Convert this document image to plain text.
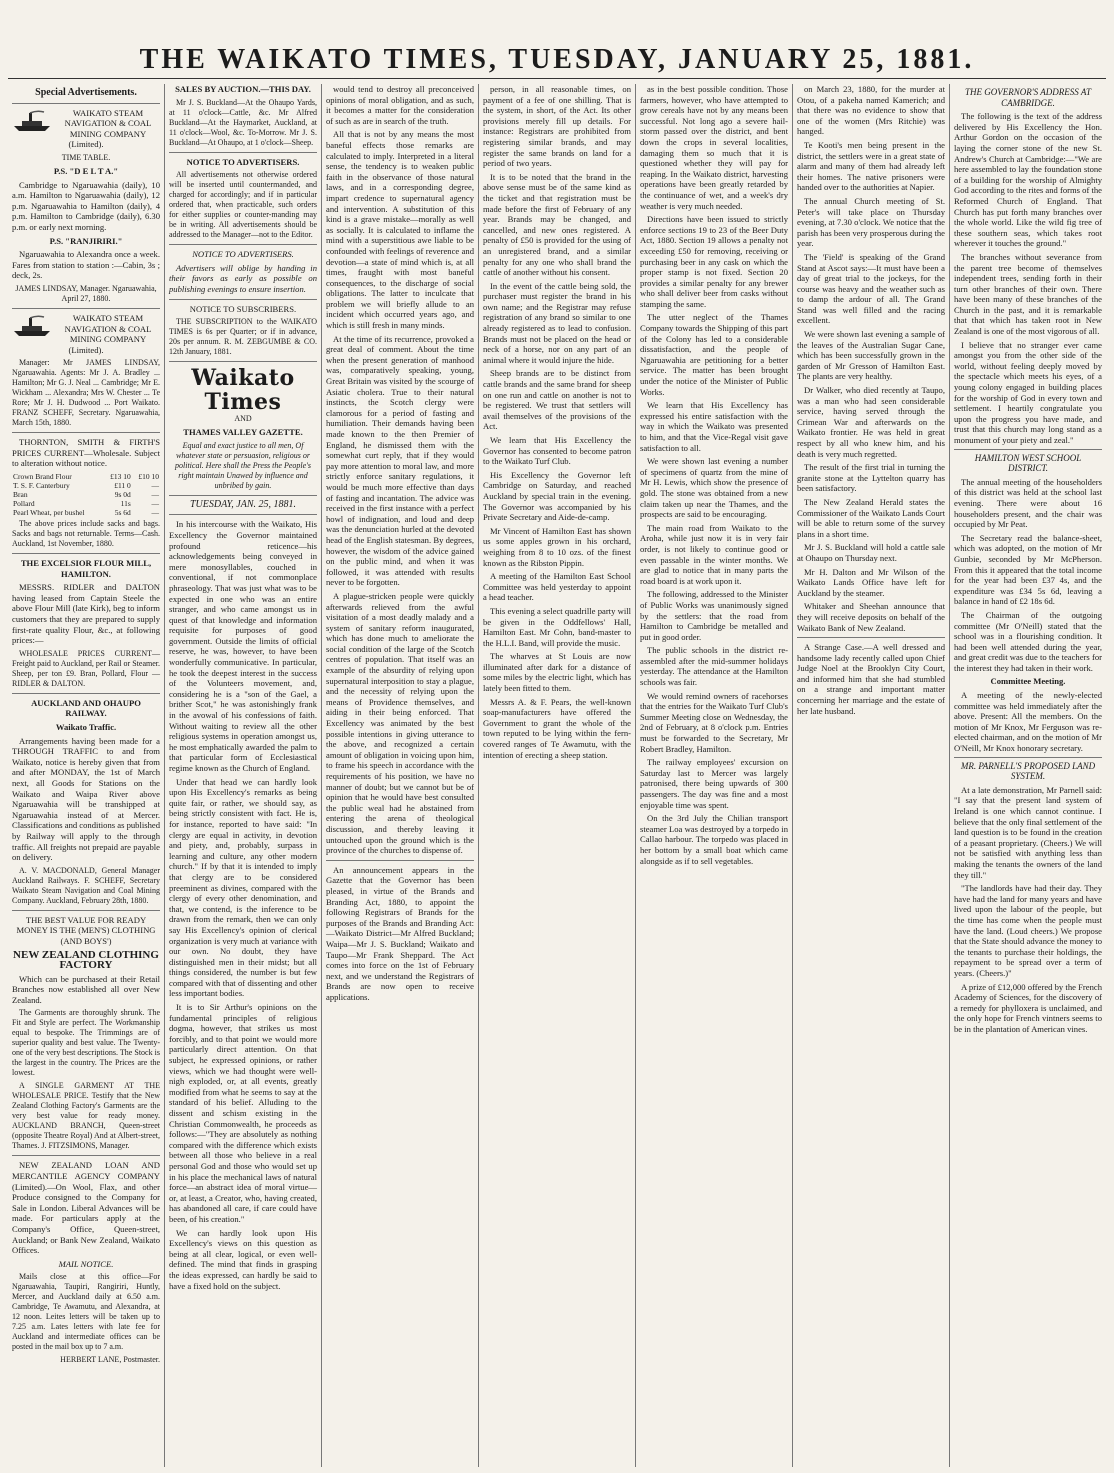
THE WAIKATO TIMES, TUESDAY, JANUARY 25, 1881.
Special Advertisements.

WAIKATO STEAM NAVIGATION & COAL MINING COMPANY (Limited).

TIME TABLE.

P.S. "D E L T A."

Cambridge to Ngaruawahia (daily), 10 a.m. Hamilton to Ngaruawahia (daily), 12 p.m. Ngaruawahia to Hamilton (daily), 4 p.m. Hamilton to Cambridge (daily), 6.30 p.m. or early next morning.

P.S. "RANJIRIRI."

Ngaruawahia to Alexandra once a week. Fares from station to station :—Cabin, 3s ; deck, 2s.

JAMES LINDSAY, Manager. Ngaruawahia, April 27, 1880.

WAIKATO STEAM NAVIGATION & COAL MINING COMPANY (Limited).

Manager: Mr JAMES LINDSAY, Ngaruawahia. Agents: Mr J. A. Bradley ... Hamilton; Mr G. J. Neal ... Cambridge; Mr E. Wickham ... Alexandra; Mrs W. Chester ... Te Rore; Mr J. H. Dudwood ... Port Waikato. FRANZ SCHEFF, Secretary. Ngaruawahia, March 15th, 1880.

THORNTON, SMITH & FIRTH'S PRICES CURRENT—Wholesale. Subject to alteration without notice.

Crown Brand Flour	£13 10	£10 10
T. S. F. Canterbury	£11 0	—
Bran	9s 0d	—
Pollard	11s	—
Pearl Wheat, per bushel	5s 6d	—

The above prices include sacks and bags. Sacks and bags not returnable. Terms—Cash. Auckland, 1st November, 1880.

THE EXCELSIOR FLOUR MILL, HAMILTON.

MESSRS. RIDLER and DALTON having leased from Captain Steele the above Flour Mill (late Kirk), beg to inform customers that they are prepared to supply first-rate quality Flour, &c., at following prices:—

WHOLESALE PRICES CURRENT—Freight paid to Auckland, per Rail or Steamer. Sheep, per ton £9. Bran, Pollard, Flour — RIDLER & DALTON.

AUCKLAND AND OHAUPO RAILWAY.

Waikato Traffic.

Arrangements having been made for a THROUGH TRAFFIC to and from Waikato, notice is hereby given that from and after MONDAY, the 1st of March next, all Goods for Stations on the Waikato and Waipa River above Ngaruawahia will be transhipped at Ngaruawahia instead of at Mercer. Classifications and conditions as published by Railway will apply to the through traffic. All freights not prepaid are payable on delivery.

A. V. MACDONALD, General Manager Auckland Railways. F. SCHEFF, Secretary Waikato Steam Navigation and Coal Mining Company. Auckland, February 28th, 1880.

THE BEST VALUE FOR READY MONEY IS THE (MEN'S) CLOTHING (AND BOYS')

NEW ZEALAND CLOTHING FACTORY

Which can be purchased at their Retail Branches now established all over New Zealand.

The Garments are thoroughly shrunk. The Fit and Style are perfect. The Workmanship equal to bespoke. The Trimmings are of superior quality and best value. The Twenty-one of the very best descriptions. The Stock is the largest in the country. The Prices are the lowest.

A SINGLE GARMENT AT THE WHOLESALE PRICE. Testify that the New Zealand Clothing Factory's Garments are the very best value for ready money. AUCKLAND BRANCH, Queen-street (opposite Theatre Royal) And at Albert-street, Thames. J. FITZSIMONS, Manager.

NEW ZEALAND LOAN AND MERCANTILE AGENCY COMPANY (Limited).—On Wool, Flax, and other Produce consigned to the Company for Sale in London. Liberal Advances will be made. For particulars apply at the Company's Office, Queen-street, Auckland; or Bank New Zealand, Waikato Offices.

MAIL NOTICE.

Mails close at this office—For Ngaruawahia, Taupiri, Rangiriri, Huntly, Mercer, and Auckland daily at 6.50 a.m. Cambridge, Te Awamutu, and Alexandra, at 12 noon. Leites letters will be taken up to 7.25 a.m. Lates letters with late fee for Auckland and intermediate offices can be posted in the mail box up to 7 a.m.

HERBERT LANE, Postmaster.

SALES BY AUCTION.—THIS DAY.

Mr J. S. Buckland—At the Ohaupo Yards, at 11 o'clock—Cattle, &c. Mr Alfred Buckland—At the Haymarket, Auckland, at 11 o'clock—Wool, &c. To-Morrow. Mr J. S. Buckland—At Ohaupo, at 1 o'clock—Sheep.

NOTICE TO ADVERTISERS.

All advertisements not otherwise ordered will be inserted until countermanded, and charged for accordingly; and if in particular ordered that, when practicable, such orders for either supplies or counter-manding may be in writing. All advertisements should be addressed to the Manager—not to the Editor.

NOTICE TO ADVERTISERS.

Advertisers will oblige by handing in their favors as early as possible on publishing evenings to ensure insertion.

NOTICE TO SUBSCRIBERS.

THE SUBSCRIPTION to the WAIKATO TIMES is 6s per Quarter; or if in advance, 20s per annum. R. M. ZEBGUMBE & CO. 12th January, 1881.

Waikato Times

AND

THAMES VALLEY GAZETTE.

Equal and exact justice to all men, Of whatever state or persuasion, religious or political. Here shall the Press the People's right maintain Unawed by influence and unbribed by gain.

TUESDAY, JAN. 25, 1881.

In his intercourse with the Waikato, His Excellency the Governor maintained profound reticence—his acknowledgements being conveyed in mere monosyllables, couched in conventional, if not commonplace phraseology. That was just what was to be expected in one who was an entire stranger, and who came amongst us in quest of that knowledge and information requisite for purposes of good government. Outside the limits of official reserve, he was, however, to have been wonderfully communicative. In particular, he took the deepest interest in the success of the Volunteers movement, and, considering he is a "son of the Gael, a brither Scot," he was astonishingly frank in the avowal of his confessions of faith. Without waiting to review all the other religious systems in operation amongst us, he most emphatically awarded the palm to that particular form of Ecclesiastical regime known as the Church of England.

Under that head we can hardly look upon His Excellency's remarks as being quite fair, or rather, we should say, as being strictly consistent with fact. He is, for instance, reported to have said: "In clergy are equal in activity, in devotion and piety, and, probably, surpass in learning and culture, any other modern church." If by that it is intended to imply that clergy are to be considered preeminent as divines, compared with the clergy of every other denomination, and that, we contend, is the inference to be drawn from the remark, then we can only say His Excellency's opinion of clerical organization is very much at variance with our own. No doubt, they have distinguished men in their midst; but all things considered, the number is but few compared with that of dissenting and other less important bodies.

It is to Sir Arthur's opinions on the fundamental principles of religious dogma, however, that strikes us most forcibly, and to that point we would more particularly direct attention. On that subject, he expressed opinions, or rather views, which we had thought were well-nigh exploded, or, at all events, greatly modified from what he seems to say at the standard of his belief. Alluding to the dissent and schism existing in the Christian Commonwealth, he proceeds as follows:—"They are absolutely as nothing compared with the difference which exists between all those who believe in a real personal God and those who would set up in his place the mechanical laws of natural force—an abstract idea of moral virtue—or, at least, a Creator, who, having created, has abandoned all care, if care could have been, of his creation."

We can hardly look upon His Excellency's views on this question as being at all clear, logical, or even well-defined. The mind that finds in grasping the ideas expressed, can hardly be said to have a fixed hold on the subject.

would tend to destroy all preconceived opinions of moral obligation, and as such, it becomes a matter for the consideration of such as are in search of the truth.

All that is not by any means the most baneful effects those remarks are calculated to imply. Interpreted in a literal sense, the tendency is to weaken public faith in the observance of those natural laws, and in a corresponding degree, impart credence to supernatural agency and intervention. A substitution of this kind is a grave mistake—morally as well as socially. It is calculated to inflame the mind with a superstitious awe liable to be confounded with feelings of reverence and devotion—a state of mind which is, at all times, fraught with most baneful consequences, to the discharge of social obligations. The latter to inculcate that problem we will briefly allude to an incident which occurred years ago, and which is still fresh in many minds.

At the time of its recurrence, provoked a great deal of comment. About the time when the present generation of manhood was, comparatively speaking, young, Great Britain was visited by the scourge of Asiatic cholera. True to their natural instincts, the Scotch clergy were clamorous for a period of fasting and humiliation. Their demands having been made known to the then Premier of England, he dismissed them with the somewhat curt reply, that if they would pay more attention to moral law, and more strictly enforce sanitary regulations, it would be much more effective than days of fasting and incantation. The advice was received in the first instance with a perfect howl of indignation, and loud and deep was the denunciation hurled at the devoted head of the English statesman. By degrees, however, the wisdom of the advice gained on the public mind, and when it was followed, it was attended with results never to be forgotten.

A plague-stricken people were quickly afterwards relieved from the awful visitation of a most deadly malady and a system of sanitary reform inaugurated, which has done much to ameliorate the social condition of the large of the Scotch centres of population. That itself was an example of the absurdity of relying upon supernatural interposition to stay a plague, and the necessity of relying upon the means of Providence themselves, and aiding in their being enforced. That Excellency was animated by the best possible intentions in giving utterance to the above, and recognized a certain amount of obligation in voicing upon him, to frame his speech in accordance with the requirements of his position, we have no manner of doubt; but we cannot but be of opinion that he would have best consulted the public weal had he abstained from entering the arena of theological discussion, and thereby leaving it untouched upon the ground which is the province of the churches to dispense of.

An announcement appears in the Gazette that the Governor has been pleased, in virtue of the Brands and Branding Act, 1880, to appoint the following Registrars of Brands for the purposes of the Brands and Branding Act:—Waikato District—Mr Alfred Buckland; Waipa—Mr J. S. Buckland; Waikato and Taupo—Mr Frank Sheppard. The Act comes into force on the 1st of February next, and we understand the Registrars of Brands are now open to receive applications.

person, in all reasonable times, on payment of a fee of one shilling. That is the system, in short, of the Act. Its other provisions merely fill up details. For instance: Registrars are prohibited from registering similar brands, and may register the same brands on land for a period of two years.

It is to be noted that the brand in the above sense must be of the same kind as the ticket and that registration must be made before the first of February of any year. Brands may be changed, and cancelled, and new ones registered. A penalty of £50 is provided for the using of an unregistered brand, and a similar penalty for any one who shall brand the cattle of another without his consent.

In the event of the cattle being sold, the purchaser must register the brand in his own name; and the Registrar may refuse registration of any brand so similar to one already registered as to lead to confusion. Brands must not be placed on the head or neck of a horse, nor on any part of an animal where it would injure the hide.

Sheep brands are to be distinct from cattle brands and the same brand for sheep on one run and cattle on another is not to be registered. We trust that settlers will avail themselves of the provisions of the Act.

We learn that His Excellency the Governor has consented to become patron to the Waikato Turf Club.

His Excellency the Governor left Cambridge on Saturday, and reached Auckland by special train in the evening. The Governor was accompanied by his Private Secretary and Aide-de-camp.

Mr Vincent of Hamilton East has shown us some apples grown in his orchard, weighing from 8 to 10 ozs. of the finest known as the Ribston Pippin.

A meeting of the Hamilton East School Committee was held yesterday to appoint a head teacher.

This evening a select quadrille party will be given in the Oddfellows' Hall, Hamilton East. Mr Cohn, band-master to the H.L.I. Band, will provide the music.

The wharves at St Louis are now illuminated after dark for a distance of some miles by the electric light, which has lately been fitted to them.

Messrs A. & F. Pears, the well-known soap-manufacturers have offered the Government to grant the whole of the town reputed to be lying within the fern-covered ranges of Te Awamutu, with the intention of erecting a sheep station.

as in the best possible condition. Those farmers, however, who have attempted to grow cereals have not by any means been successful. Not long ago a severe hail-storm passed over the district, and bent down the crops in several localities, damaging them so much that it is questioned whether they will pay for reaping. In the Waikato district, harvesting operations have been greatly retarded by the continuance of wet, and a week's dry weather is very much needed.

Directions have been issued to strictly enforce sections 19 to 23 of the Beer Duty Act, 1880. Section 19 allows a penalty not exceeding £50 for removing, receiving or purchasing beer in any cask on which the proper stamp is not fixed. Section 20 provides a similar penalty for any brewer who shall deliver beer from casks without stamping the same.

The utter neglect of the Thames Company towards the Shipping of this part of the Colony has led to a considerable dissatisfaction, and the people of Ngaruawahia are petitioning for a better service. The matter has been brought under the notice of the Minister of Public Works.

We learn that His Excellency has expressed his entire satisfaction with the way in which the Waikato was presented to him, and that the Vice-Regal visit gave satisfaction to all.

We were shown last evening a number of specimens of quartz from the mine of Mr H. Lewis, which show the presence of gold. The stone was obtained from a new claim taken up near the Thames, and the prospects are said to be encouraging.

The main road from Waikato to the Aroha, while just now it is in very fair order, is not likely to continue good or even passable in the winter months. We are glad to notice that in many parts the road board is at work upon it.

The following, addressed to the Minister of Public Works was unanimously signed by the settlers: that the road from Hamilton to Cambridge be metalled and put in good order.

The public schools in the district re-assembled after the mid-summer holidays yesterday. The attendance at the Hamilton schools was fair.

We would remind owners of racehorses that the entries for the Waikato Turf Club's Summer Meeting close on Wednesday, the 2nd of February, at 8 o'clock p.m. Entries must be forwarded to the Secretary, Mr Robert Bradley, Hamilton.

The railway employees' excursion on Saturday last to Mercer was largely patronised, there being upwards of 300 passengers. The day was fine and a most enjoyable time was spent.

On the 3rd July the Chilian transport steamer Loa was destroyed by a torpedo in Callao harbour. The torpedo was placed in her bottom by a small boat which came alongside as if to sell vegetables.

on March 23, 1880, for the murder at Otou, of a pakeha named Kamerich; and that there was no evidence to show that one of the women (Mrs Ritchie) was hanged.

Te Kooti's men being present in the district, the settlers were in a great state of alarm and many of them had already left their homes. The native prisoners were handed over to the authorities at Napier.

The annual Church meeting of St. Peter's will take place on Thursday evening, at 7.30 o'clock. We notice that the parish has been very prosperous during the year.

The 'Field' is speaking of the Grand Stand at Ascot says:—It must have been a day of great trial to the jockeys, for the course was heavy and the weather such as to damp the ardour of all. The Grand Stand was well filled and the racing excellent.

We were shown last evening a sample of the leaves of the Australian Sugar Cane, which has been successfully grown in the garden of Mr Gresson of Hamilton East. The plants are very healthy.

Dr Walker, who died recently at Taupo, was a man who had seen considerable service, having served through the Crimean War and afterwards on the Waikato frontier. He was held in great respect by all who knew him, and his death is very much regretted.

The result of the first trial in turning the granite stone at the Lyttelton quarry has been satisfactory.

The New Zealand Herald states the Commissioner of the Waikato Lands Court will be able to return some of the survey plans in a short time.

Mr J. S. Buckland will hold a cattle sale at Ohaupo on Thursday next.

Mr H. Dalton and Mr Wilson of the Waikato Lands Office have left for Auckland by the steamer.

Whitaker and Sheehan announce that they will receive deposits on behalf of the Waikato Bank of New Zealand.

A Strange Case.—A well dressed and handsome lady recently called upon Chief Judge Noel at the Brooklyn City Court, and informed him that she had stumbled on a strange and important matter concerning her marriage and the estate of her late husband.

THE GOVERNOR'S ADDRESS AT CAMBRIDGE.

The following is the text of the address delivered by His Excellency the Hon. Arthur Gordon on the occasion of the laying the corner stone of the new St. Andrew's Church at Cambridge:—"We are here assembled to lay the foundation stone of a building for the worship of Almighty God according to the rites and forms of the Reformed Church of England. That Church has put forth many branches over the whole world. Like the wild fig tree of these southern seas, which takes root wherever it touches the ground."

The branches without severance from the parent tree become of themselves independent trees, sending forth in their turn other branches of their own. There have been many of these branches of the Church in the past, and it is remarkable that that which has taken root in New Zealand is one of the most vigorous of all.

I believe that no stranger ever came amongst you from the other side of the world, without feeling deeply moved by the spectacle which meets his eyes, of a young colony engaged in building places for the worship of God in every town and settlement. I heartily congratulate you upon the progress you have made, and trust that this church may long stand as a monument of your piety and zeal."

HAMILTON WEST SCHOOL DISTRICT.

The annual meeting of the householders of this district was held at the school last evening. There were about 16 householders present, and the chair was occupied by Mr Peat.

The Secretary read the balance-sheet, which was adopted, on the motion of Mr Gunbie, seconded by Mr McPherson. From this it appeared that the total income for the year had been £37 4s, and the expenditure was £34 5s 6d, leaving a balance in hand of £2 18s 6d.

The Chairman of the outgoing committee (Mr O'Neill) stated that the school was in a flourishing condition. It had been well attended during the year, and great credit was due to the teachers for the interest they had taken in their work.

Committee Meeting.

A meeting of the newly-elected committee was held immediately after the above. Present: All the members. On the motion of Mr Knox, Mr Ferguson was re-elected chairman, and on the motion of Mr O'Neill, Mr Knox honorary secretary.

MR. PARNELL'S PROPOSED LAND SYSTEM.

At a late demonstration, Mr Parnell said: "I say that the present land system of Ireland is one which cannot continue. I believe that the only final settlement of the land question is to be found in the creation of a peasant proprietary. (Cheers.) We will not be satisfied with anything less than making the tenants the owners of the land they till."

"The landlords have had their day. They have had the land for many years and have lived upon the labour of the people, but the time has come when the people must have the land. (Loud cheers.) We propose that the State should advance the money to the tenants to purchase their holdings, the repayment to be spread over a term of years. (Cheers.)"

A prize of £12,000 offered by the French Academy of Sciences, for the discovery of a remedy for phylloxera is unclaimed, and the only hope for French vintners seems to be in the plantation of American vines.
